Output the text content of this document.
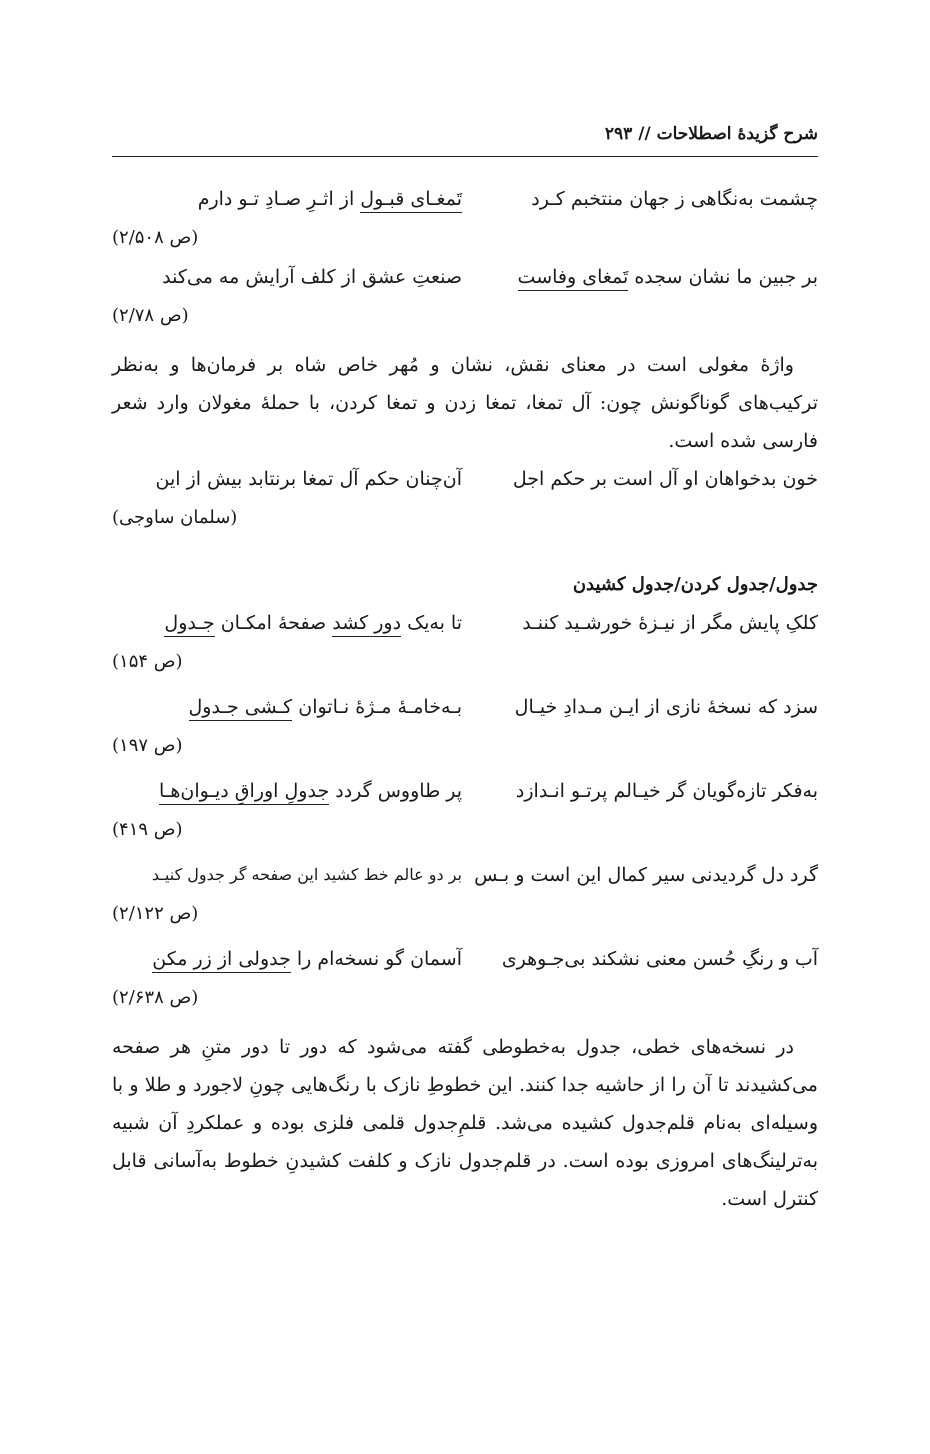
شرح گزیدهٔ اصطلاحات // ۲۹۳
چشمت به‌نگاهی ز جهان منتخبم کـرد
تَمغـای قبـول از اثـرِ صـادِ تـو دارم
(ص ۲/۵۰۸)
بر جبین ما نشان سجده تَمغای وفاست
صنعتِ عشق از کلف آرایش مه می‌کند
(ص ۲/۷۸)

واژهٔ مغولی است در معنای نقش، نشان و مُهر خاص شاه بر فرمان‌ها و به‌نظر ترکیب‌های گوناگونش چون: آل تمغا، تمغا زدن و تمغا کردن، با حملهٔ مغولان وارد شعر فارسی شده است.

خون بدخواهان او آل است بر حکم اجل
آن‌چنان حکم آل تمغا برنتابد بیش از این
(سلمان ساوجی)
جدول/جدول کردن/جدول کشیدن
کلکِ پایش مگر از نیـزهٔ خورشـید کننـد
تا به‌یک دور کشد صفحهٔ امکـان جـدول
(ص ۱۵۴)
سزد که نسخهٔ نازی از ایـن مـدادِ خیـال
بـه‌خامـهٔ مـژهٔ نـاتوان کـشی جـدول
(ص ۱۹۷)
به‌فکر تازه‌گویان گر خیـالم پرتـو انـدازد
پر طاووس گردد جدولِ اوراقِ دیـوان‌هـا
(ص ۴۱۹)
گرد دل گردیدنی سیر کمال این است و بـس
بر دو عالم خط کشید این صفحه گر جدول کنیـد
(ص ۲/۱۲۲)
آب و رنگِ حُسن معنی نشکند بی‌جـوهری
آسمان گو نسخه‌ام را جدولی از زر مکن
(ص ۲/۶۳۸)

در نسخه‌های خطی، جدول به‌خطوطی گفته می‌شود که دور تا دور متنِ هر صفحه می‌کشیدند تا آن را از حاشیه جدا کنند. این خطوطِ نازک با رنگ‌هایی چونِ لاجورد و طلا و با وسیله‌ای به‌نام قلم‌جدول کشیده می‌شد. قلمِ‌جدول قلمی فلزی بوده و عملکردِ آن شبیه به‌ترلینگ‌های امروزی بوده است. در قلم‌جدول نازک و کلفت کشیدنِ خطوط به‌آسانی قابل کنترل است.
